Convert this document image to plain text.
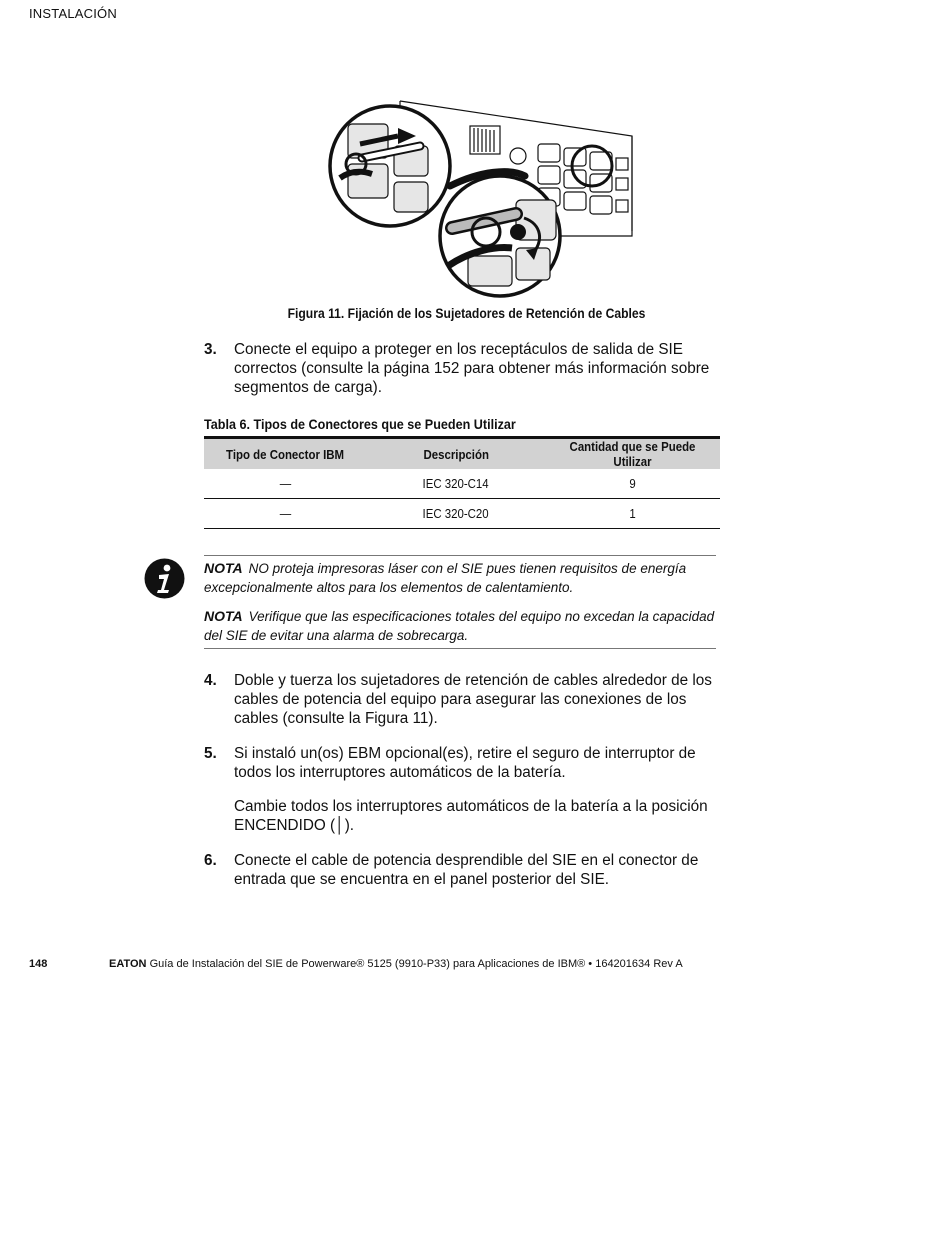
INSTALACIÓN
Figura 11. Fijación de los Sujetadores de Retención de Cables
3. Conecte el equipo a proteger en los receptáculos de salida de SIE correctos (consulte la página 152 para obtener más información sobre segmentos de carga).
Tabla 6. Tipos de Conectores que se Pueden Utilizar
Tipo de Conector IBM	Descripción	Cantidad que se Puede Utilizar
—	IEC 320-C14	9
—	IEC 320-C20	1
NOTA NO proteja impresoras láser con el SIE pues tienen requisitos de energía excepcionalmente altos para los elementos de calentamiento.
NOTA Verifique que las especificaciones totales del equipo no excedan la capacidad del SIE de evitar una alarma de sobrecarga.
4. Doble y tuerza los sujetadores de retención de cables alrededor de los cables de potencia del equipo para asegurar las conexiones de los cables (consulte la Figura 11).
5. Si instaló un(os) EBM opcional(es), retire el seguro de interruptor de todos los interruptores automáticos de la batería.
Cambie todos los interruptores automáticos de la batería a la posición ENCENDIDO (│).
6. Conecte el cable de potencia desprendible del SIE en el conector de entrada que se encuentra en el panel posterior del SIE.
148	EATON Guía de Instalación del SIE de Powerware® 5125 (9910-P33) para Aplicaciones de IBM® • 164201634 Rev A
